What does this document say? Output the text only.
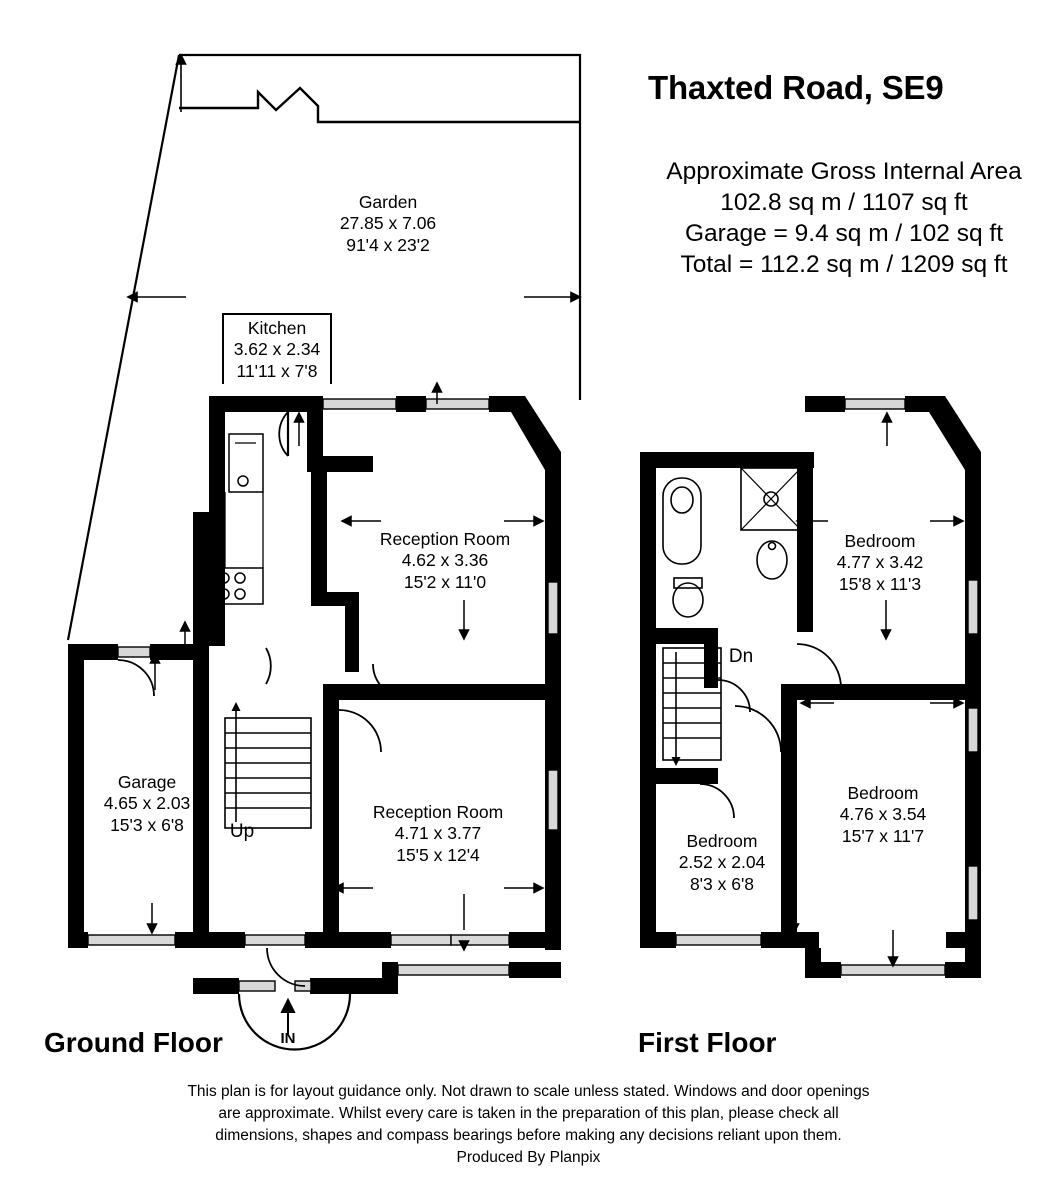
Thaxted Road, SE9
Approximate Gross Internal Area
102.8 sq m / 1107 sq ft
Garage = 9.4 sq m / 102 sq ft
Total = 112.2 sq m / 1209 sq ft
Garden
27.85 x 7.06
91'4 x 23'2
Kitchen
3.62 x 2.34
11'11 x 7'8
Reception Room
4.62 x 3.36
15'2 x 11'0
Reception Room
4.71 x 3.77
15'5 x 12'4
Garage
4.65 x 2.03
15'3 x 6'8	Up
IN
Dn
Bedroom
4.77 x 3.42
15'8 x 11'3
Bedroom
4.76 x 3.54
15'7 x 11'7
Bedroom
2.52 x 2.04
8'3 x 6'8
Ground Floor	First Floor
This plan is for layout guidance only. Not drawn to scale unless stated. Windows and door openings
are approximate. Whilst every care is taken in the preparation of this plan, please check all
dimensions, shapes and compass bearings before making any decisions reliant upon them.
Produced By Planpix
